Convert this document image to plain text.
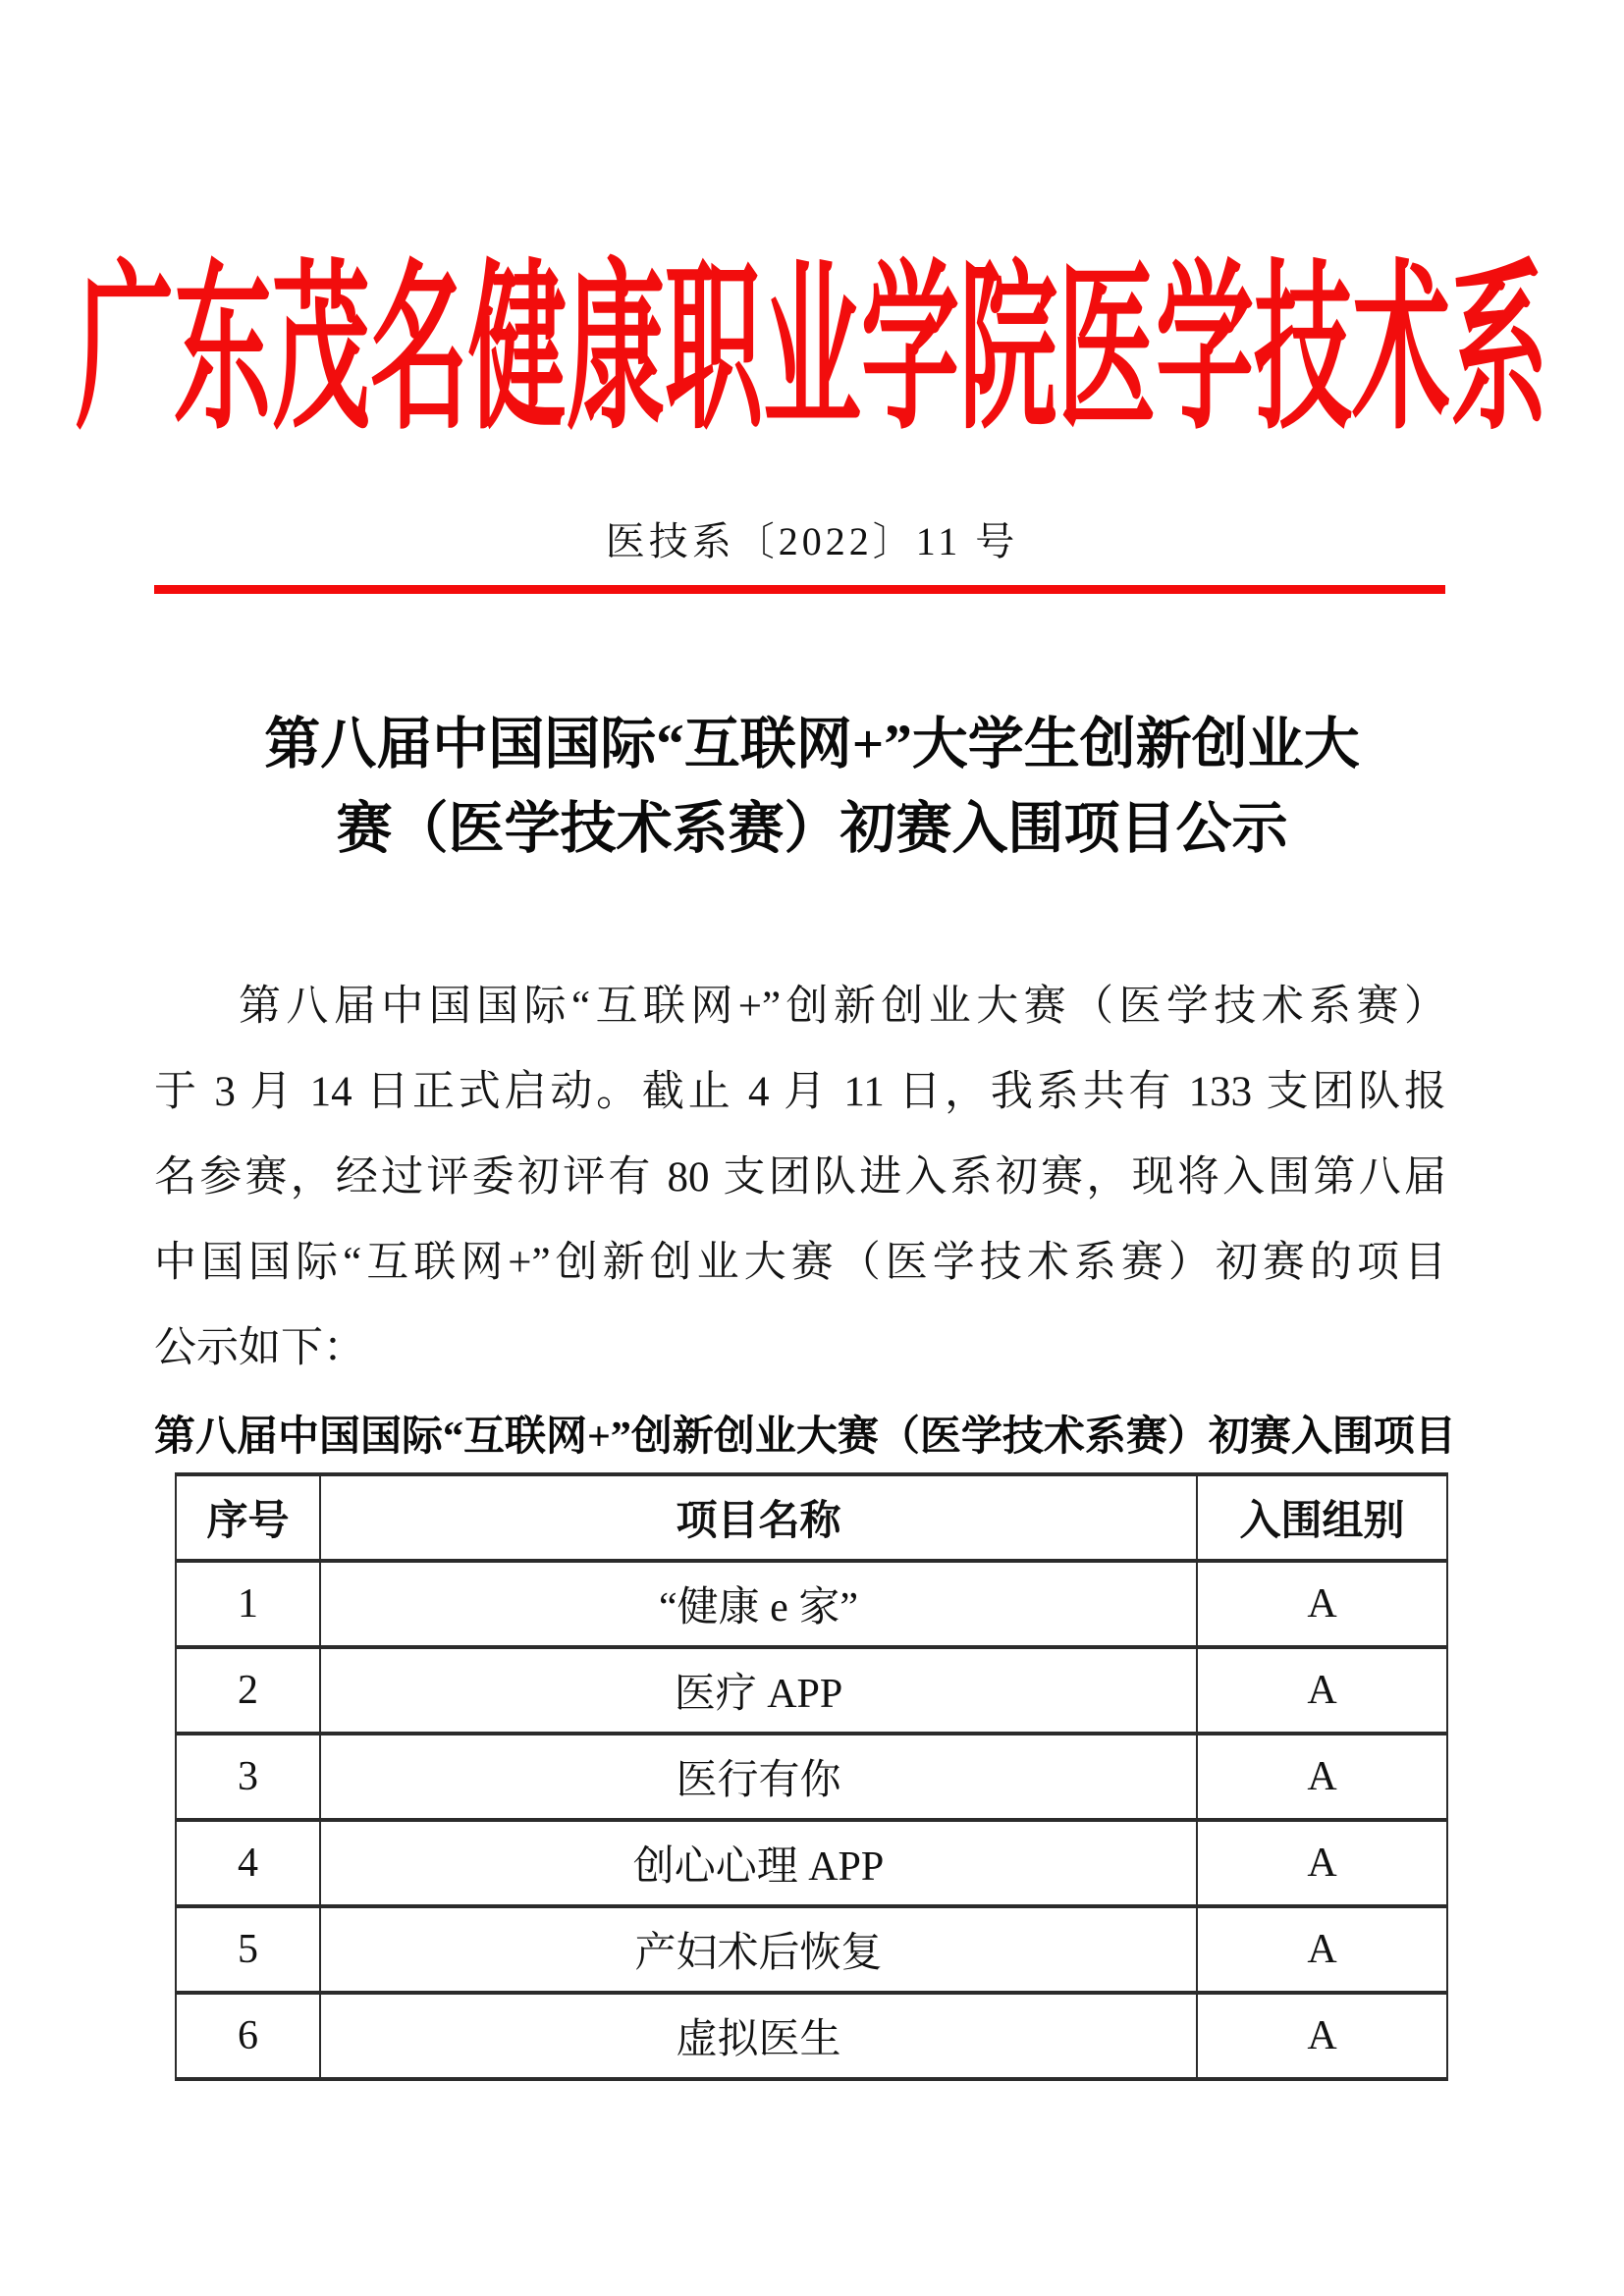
广东茂名健康职业学院医学技术系
医技系〔2022〕11 号
第八届中国国际“互联网+”大学生创新创业大
赛（医学技术系赛）初赛入围项目公示
第八届中国国际“互联网+”创新创业大赛（医学技术系赛）
于 3 月 14 日正式启动。截止 4 月 11 日，我系共有 133 支团队报
名参赛，经过评委初评有 80 支团队进入系初赛，现将入围第八届
中国国际“互联网+”创新创业大赛（医学技术系赛）初赛的项目
公示如下：
第八届中国国际“互联网+”创新创业大赛（医学技术系赛）初赛入围项目
序号	项目名称	入围组别
1	“健康 e 家”	A
2	医疗 APP	A
3	医行有你	A
4	创心心理 APP	A
5	产妇术后恢复	A
6	虚拟医生	A
